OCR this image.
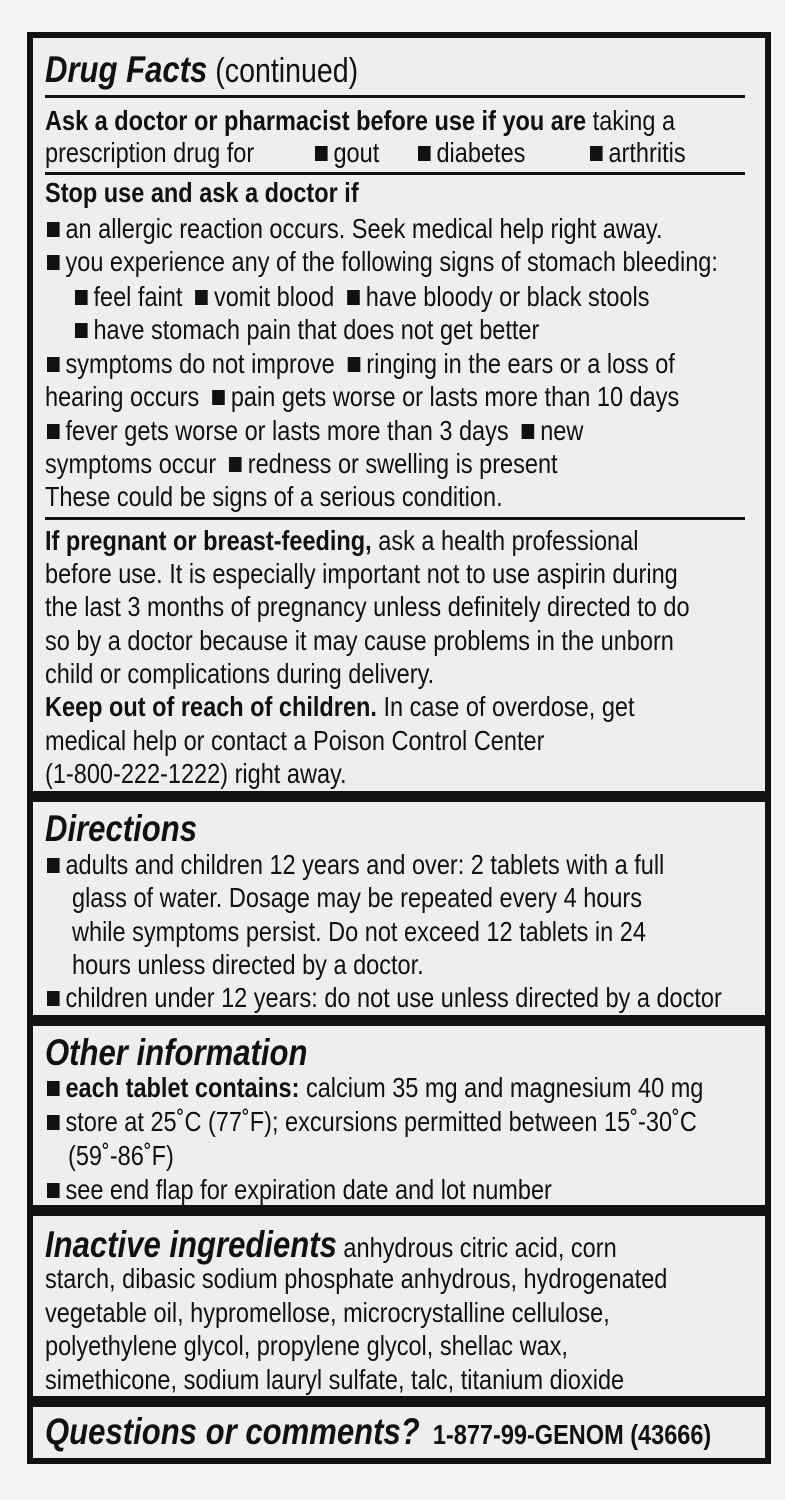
Drug Facts (continued)
Ask a doctor or pharmacist before use if you are taking a
prescription drug for	gout	diabetes	arthritis
Stop use and ask a doctor if
an allergic reaction occurs. Seek medical help right away.
you experience any of the following signs of stomach bleeding:
feel faint  vomit blood  have bloody or black stools
have stomach pain that does not get better
symptoms do not improve  ringing in the ears or a loss of
hearing occurs  pain gets worse or lasts more than 10 days
fever gets worse or lasts more than 3 days  new
symptoms occur  redness or swelling is present
These could be signs of a serious condition.
If pregnant or breast-feeding, ask a health professional
before use. It is especially important not to use aspirin during
the last 3 months of pregnancy unless definitely directed to do
so by a doctor because it may cause problems in the unborn
child or complications during delivery.
Keep out of reach of children. In case of overdose, get
medical help or contact a Poison Control Center
(1-800-222-1222) right away.
Directions
adults and children 12 years and over: 2 tablets with a full
glass of water. Dosage may be repeated every 4 hours
while symptoms persist. Do not exceed 12 tablets in 24
hours unless directed by a doctor.
children under 12 years: do not use unless directed by a doctor
Other information
each tablet contains: calcium 35 mg and magnesium 40 mg
store at 25˚C (77˚F); excursions permitted between 15˚-30˚C
(59˚-86˚F)
see end flap for expiration date and lot number
Inactive ingredients anhydrous citric acid, corn
starch, dibasic sodium phosphate anhydrous, hydrogenated
vegetable oil, hypromellose, microcrystalline cellulose,
polyethylene glycol, propylene glycol, shellac wax,
simethicone, sodium lauryl sulfate, talc, titanium dioxide
Questions or comments?  1-877-99-GENOM (43666)
